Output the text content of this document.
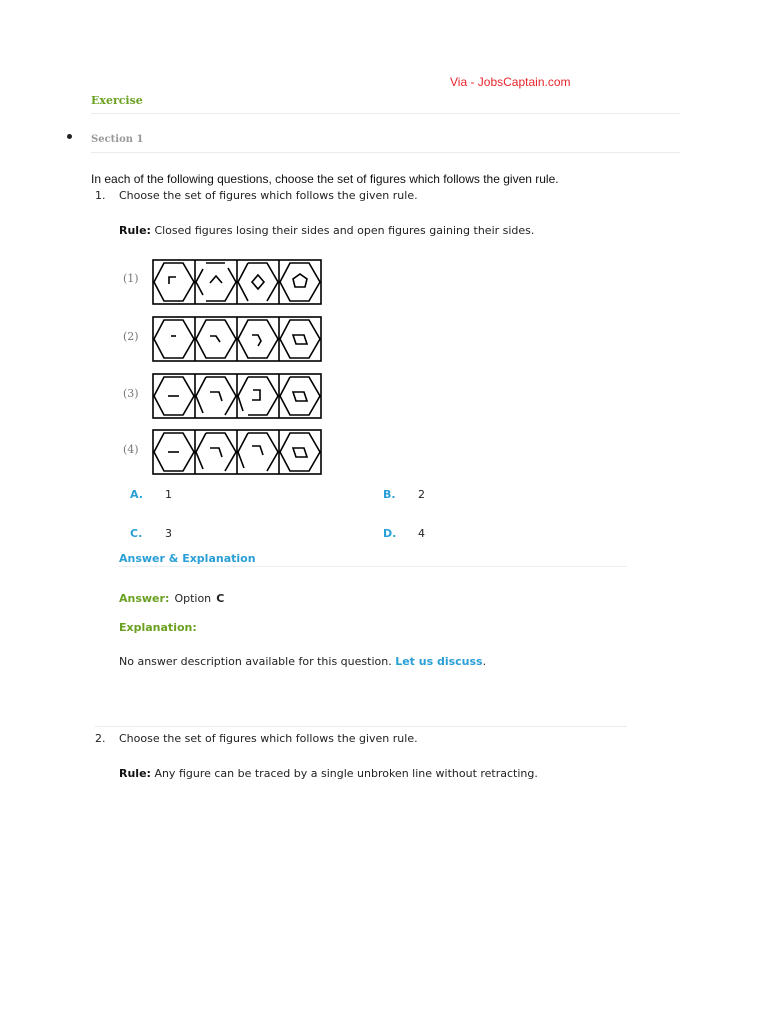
Via - JobsCaptain.com
Exercise
Section 1
In each of the following questions, choose the set of figures which follows the given rule.
1. Choose the set of figures which follows the given rule.
Rule: Closed figures losing their sides and open figures gaining their sides.
(1)
(2)
(3)
(4)
A. 1	B. 2
C. 3	D. 4
Answer & Explanation
Answer: Option C
Explanation:
No answer description available for this question. Let us discuss.
2. Choose the set of figures which follows the given rule.
Rule: Any figure can be traced by a single unbroken line without retracting.
